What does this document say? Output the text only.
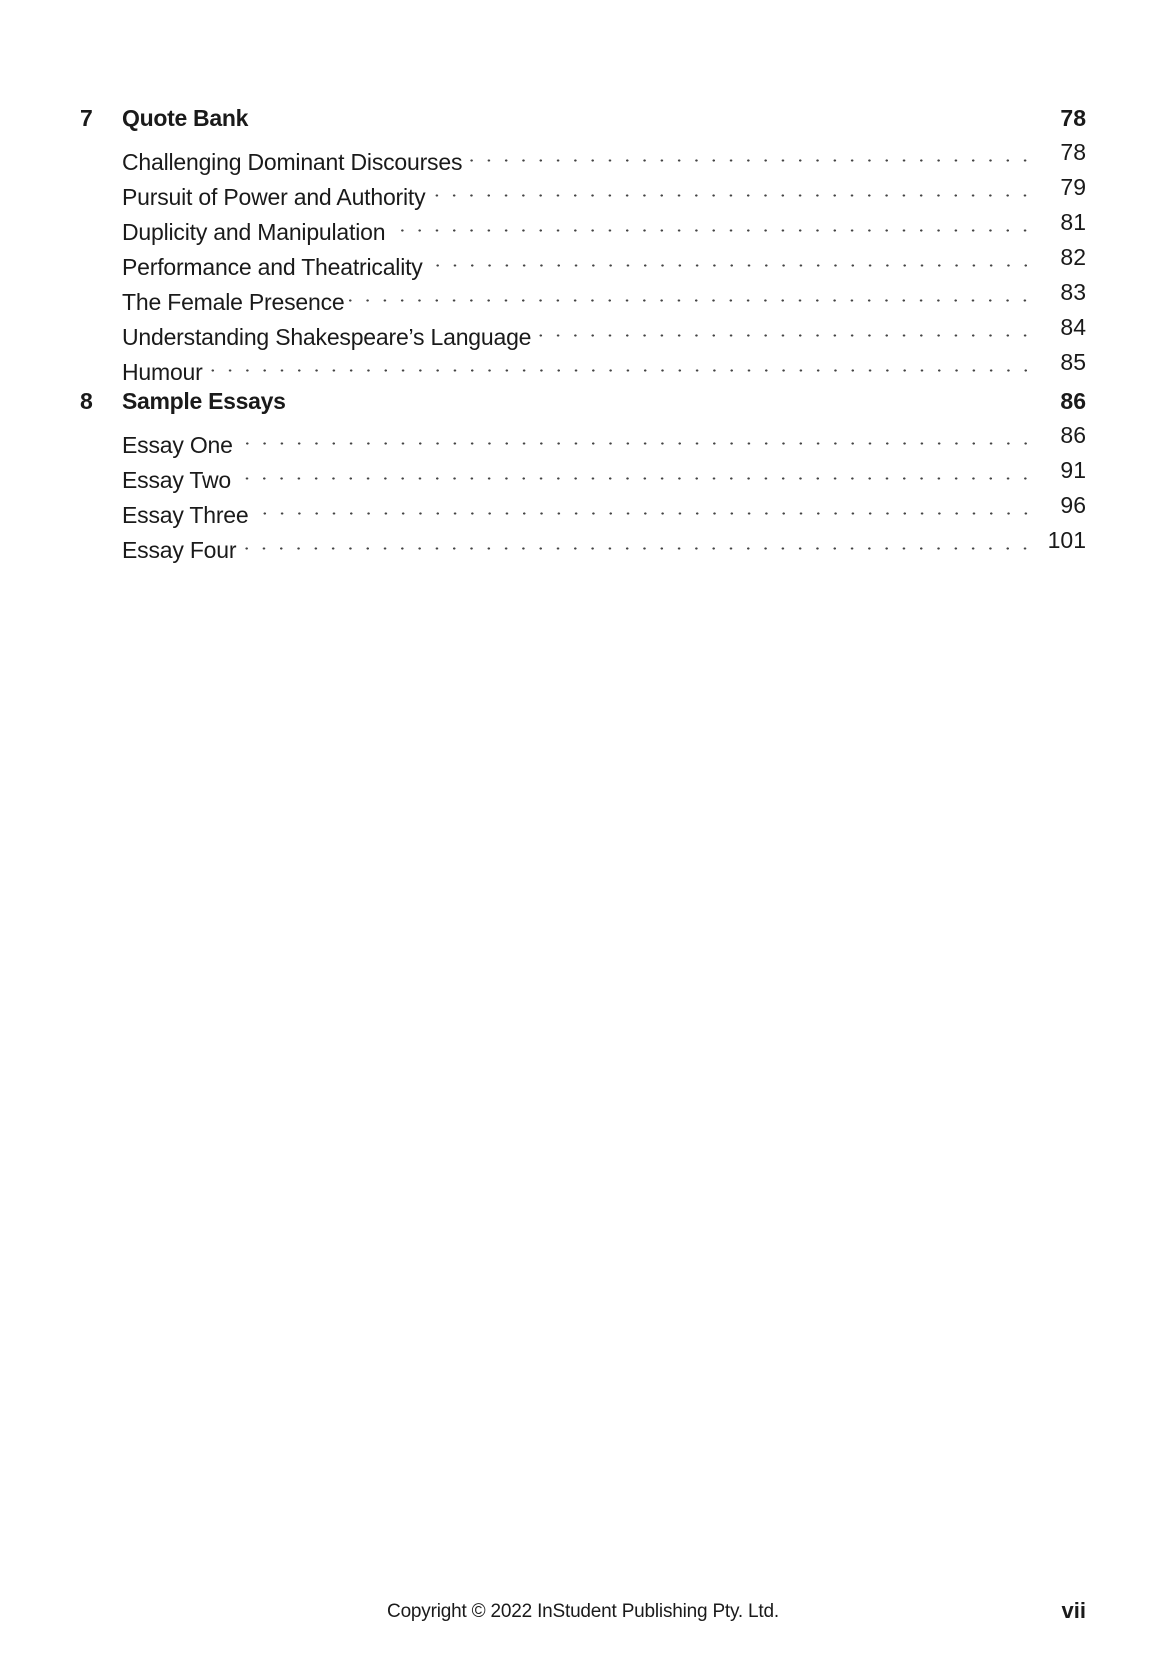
7 Quote Bank	78
Challenging Dominant Discourses	78
Pursuit of Power and Authority	79
Duplicity and Manipulation	81
Performance and Theatricality	82
The Female Presence	83
Understanding Shakespeare’s Language	84
Humour	85
8 Sample Essays	86
Essay One	86
Essay Two	91
Essay Three	96
Essay Four	101
Copyright © 2022 InStudent Publishing Pty. Ltd.	vii
